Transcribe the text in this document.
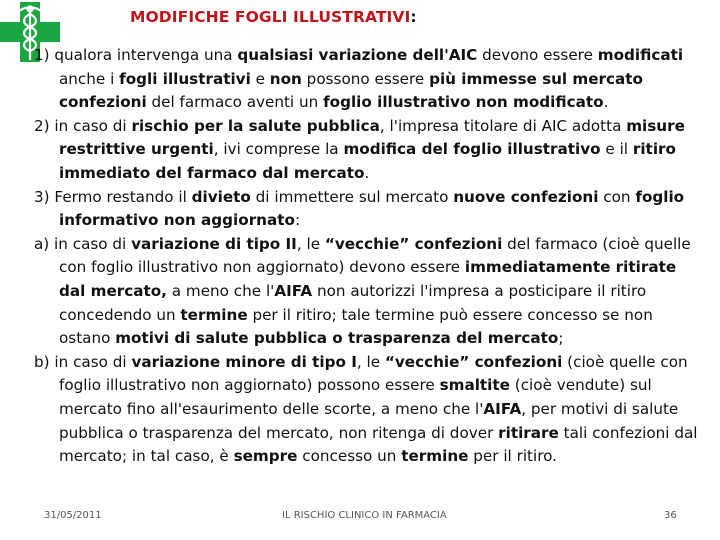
MODIFICHE FOGLI ILLUSTRATIVI:

1) qualora intervenga una qualsiasi variazione dell'AIC devono essere modificati anche i fogli illustrativi e non possono essere più immesse sul mercato confezioni del farmaco aventi un foglio illustrativo non modificato.

2) in caso di rischio per la salute pubblica, l'impresa titolare di AIC adotta misure restrittive urgenti, ivi comprese la modifica del foglio illustrativo e il ritiro immediato del farmaco dal mercato.

3) Fermo restando il divieto di immettere sul mercato nuove confezioni con foglio informativo non aggiornato:

a) in caso di variazione di tipo II, le “vecchie” confezioni del farmaco (cioè quelle con foglio illustrativo non aggiornato) devono essere immediatamente ritirate dal mercato, a meno che l'AIFA non autorizzi l'impresa a posticipare il ritiro concedendo un termine per il ritiro; tale termine può essere concesso se non ostano motivi di salute pubblica o trasparenza del mercato;

b) in caso di variazione minore di tipo I, le “vecchie” confezioni (cioè quelle con foglio illustrativo non aggiornato) possono essere smaltite (cioè vendute) sul mercato fino all'esaurimento delle scorte, a meno che l'AIFA, per motivi di salute pubblica o trasparenza del mercato, non ritenga di dover ritirare tali confezioni dal mercato; in tal caso, è sempre concesso un termine per il ritiro.

31/05/2011	IL RISCHIO CLINICO IN FARMACIA	36
